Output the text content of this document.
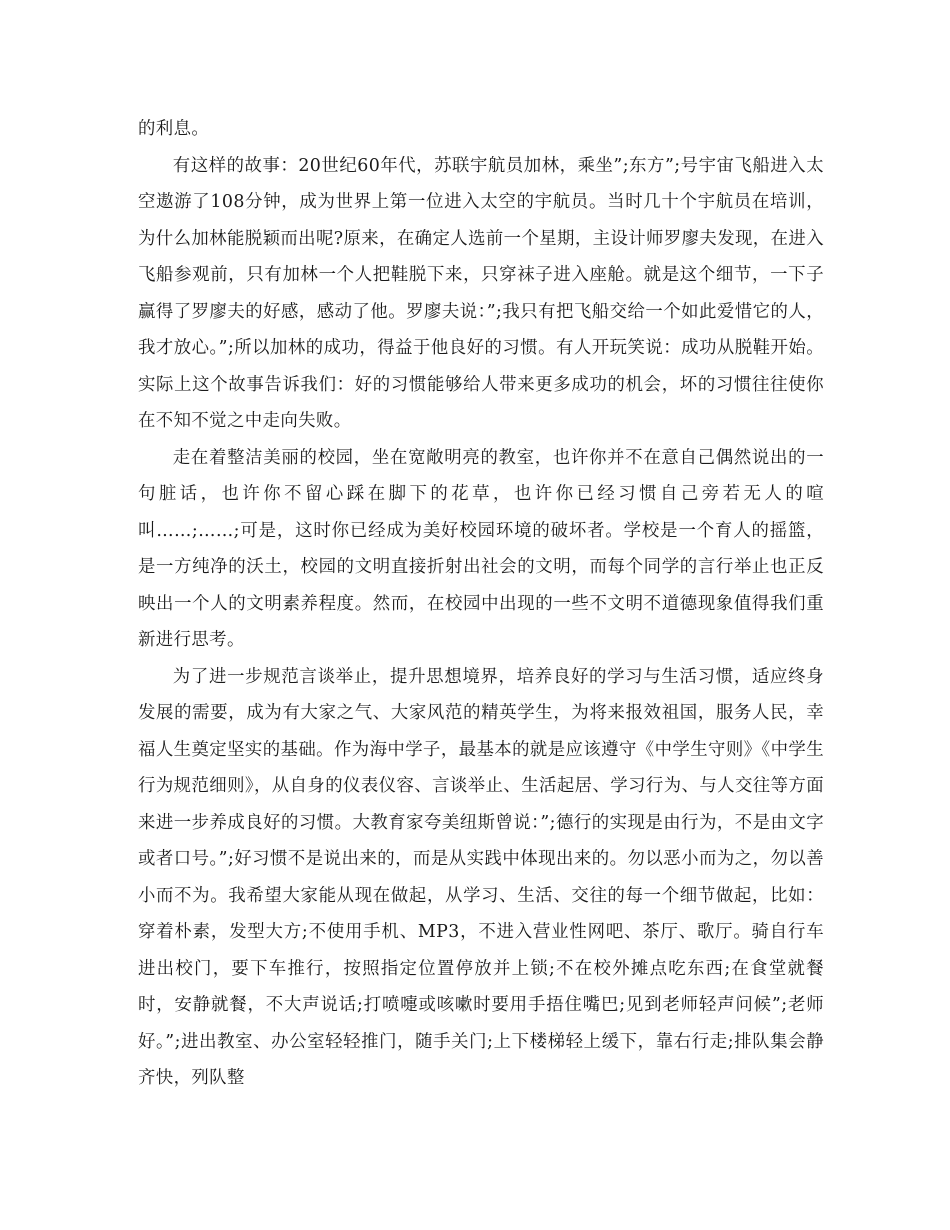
的利息。

有这样的故事：20世纪60年代，苏联宇航员加林，乘坐”;东方”;号宇宙飞船进入太空遨游了108分钟，成为世界上第一位进入太空的宇航员。当时几十个宇航员在培训，为什么加林能脱颖而出呢?原来，在确定人选前一个星期，主设计师罗廖夫发现，在进入飞船参观前，只有加林一个人把鞋脱下来，只穿袜子进入座舱。就是这个细节，一下子赢得了罗廖夫的好感，感动了他。罗廖夫说：”;我只有把飞船交给一个如此爱惜它的人，我才放心。”;所以加林的成功，得益于他良好的习惯。有人开玩笑说：成功从脱鞋开始。实际上这个故事告诉我们：好的习惯能够给人带来更多成功的机会，坏的习惯往往使你在不知不觉之中走向失败。

走在着整洁美丽的校园，坐在宽敞明亮的教室，也许你并不在意自己偶然说出的一句脏话，也许你不留心踩在脚下的花草，也许你已经习惯自己旁若无人的喧叫……;……;可是，这时你已经成为美好校园环境的破坏者。学校是一个育人的摇篮，是一方纯净的沃土，校园的文明直接折射出社会的文明，而每个同学的言行举止也正反映出一个人的文明素养程度。然而，在校园中出现的一些不文明不道德现象值得我们重新进行思考。

为了进一步规范言谈举止，提升思想境界，培养良好的学习与生活习惯，适应终身发展的需要，成为有大家之气、大家风范的精英学生，为将来报效祖国，服务人民，幸福人生奠定坚实的基础。作为海中学子，最基本的就是应该遵守《中学生守则》《中学生行为规范细则》，从自身的仪表仪容、言谈举止、生活起居、学习行为、与人交往等方面来进一步养成良好的习惯。大教育家夸美纽斯曾说：”;德行的实现是由行为，不是由文字或者口号。”;好习惯不是说出来的，而是从实践中体现出来的。勿以恶小而为之，勿以善小而不为。我希望大家能从现在做起，从学习、生活、交往的每一个细节做起，比如：穿着朴素，发型大方;不使用手机、MP3，不进入营业性网吧、茶厅、歌厅。骑自行车进出校门，要下车推行，按照指定位置停放并上锁;不在校外摊点吃东西;在食堂就餐时，安静就餐，不大声说话;打喷嚏或咳嗽时要用手捂住嘴巴;见到老师轻声问候”;老师好。”;进出教室、办公室轻轻推门，随手关门;上下楼梯轻上缓下，靠右行走;排队集会静齐快，列队整
